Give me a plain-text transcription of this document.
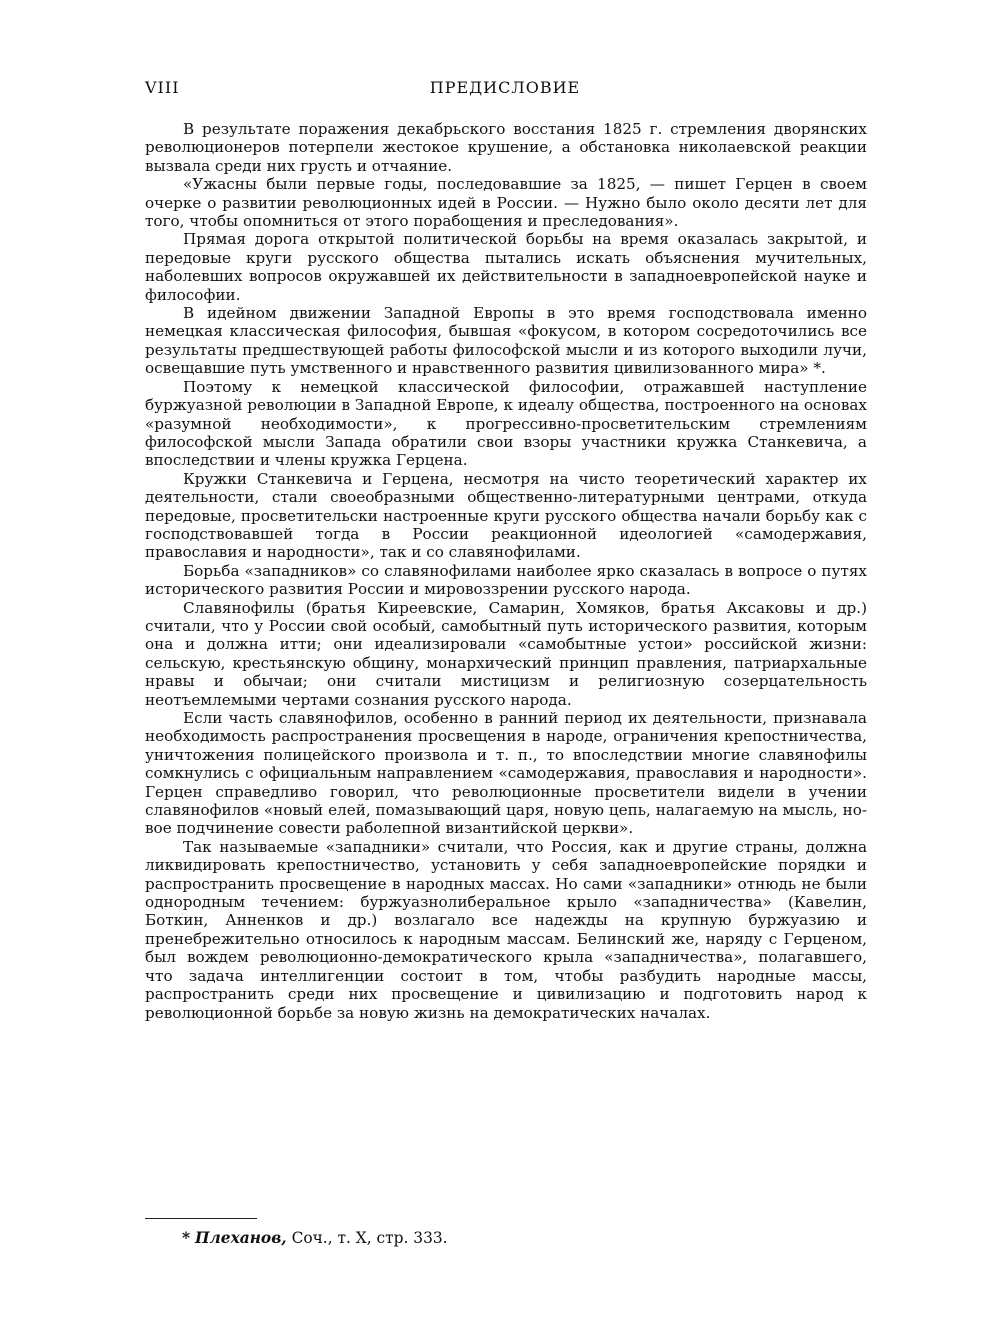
VIII	ПРЕДИСЛОВИЕ

В результате поражения декабрьского восстания 1825 г. стремления дворянских революционеров потерпели жестокое крушение, а обстановка николаевской реакции вызвала среди них грусть и отчаяние.

«Ужасны были первые годы, последовавшие за 1825, — пишет Герцен в своем очерке о развитии революционных идей в России. — Нужно было около десяти лет для того, чтобы опомниться от этого порабощения и преследования».

Прямая дорога открытой политической борьбы на время оказалась закрытой, и передовые круги русского общества пытались искать объяснения мучительных, наболевших вопросов окружавшей их действительности в западноевропейской науке и философии.

В идейном движении Западной Европы в это время господствовала именно немецкая классическая философия, бывшая «фокусом, в котором сосредоточились все результаты предшествующей работы философской мысли и из которого выходили лучи, освещавшие путь умственного и нравственного развития цивилизованного мира» *.

Поэтому к немецкой классической философии, отражавшей наступление буржуазной революции в Западной Европе, к идеалу общества, построенного на основах «разумной необходимости», к прогрессивно-просветительским стремлениям философской мысли Запада обратили свои взоры участники кружка Станкевича, а впоследствии и члены кружка Герцена.

Кружки Станкевича и Герцена, несмотря на чисто теоретический характер их деятельности, стали своеобразными общественно-литературными центрами, откуда передовые, просветительски настроенные круги русского общества начали борьбу как с господствовавшей тогда в России реакционной идеологией «самодержавия, православия и народности», так и со славянофилами.

Борьба «западников» со славянофилами наиболее ярко сказалась в вопросе о путях исторического развития России и мировоззрении русского народа.

Славянофилы (братья Киреевские, Самарин, Хомяков, братья Аксаковы и др.) считали, что у России свой особый, самобытный путь исторического развития, которым она и должна итти; они идеализировали «самобытные устои» российской жизни: сельскую, крестьянскую общину, монархический принцип правления, патриархальные нравы и обычаи; они считали мистицизм и религиозную созерцательность неотъемлемыми чертами сознания русского народа.

Если часть славянофилов, особенно в ранний период их деятельности, признавала необходимость распространения просвещения в народе, ограничения крепостничества, уничтожения полицейского произвола и т. п., то впоследствии многие славянофилы сомкнулись с официальным направлением «самодержавия, православия и народности». Герцен справедливо говорил, что революционные просветители видели в учении славянофилов «новый елей, помазывающий царя, новую цепь, налагаемую на мысль, новое подчинение совести раболепной византийской церкви».

Так называемые «западники» считали, что Россия, как и другие страны, должна ликвидировать крепостничество, установить у себя западноевропейские порядки и распространить просвещение в народных массах. Но сами «западники» отнюдь не были однородным течением: буржуазнолиберальное крыло «западничества» (Кавелин, Боткин, Анненков и др.) возлагало все надежды на крупную буржуазию и пренебрежительно относилось к народным массам. Белинский же, наряду с Герценом, был вождем революционно-демократического крыла «западничества», полагавшего, что задача интеллигенции состоит в том, чтобы разбудить народные массы, распространить среди них просвещение и цивилизацию и подготовить народ к революционной борьбе за новую жизнь на демократических началах.

* Плеханов, Соч., т. X, стр. 333.
